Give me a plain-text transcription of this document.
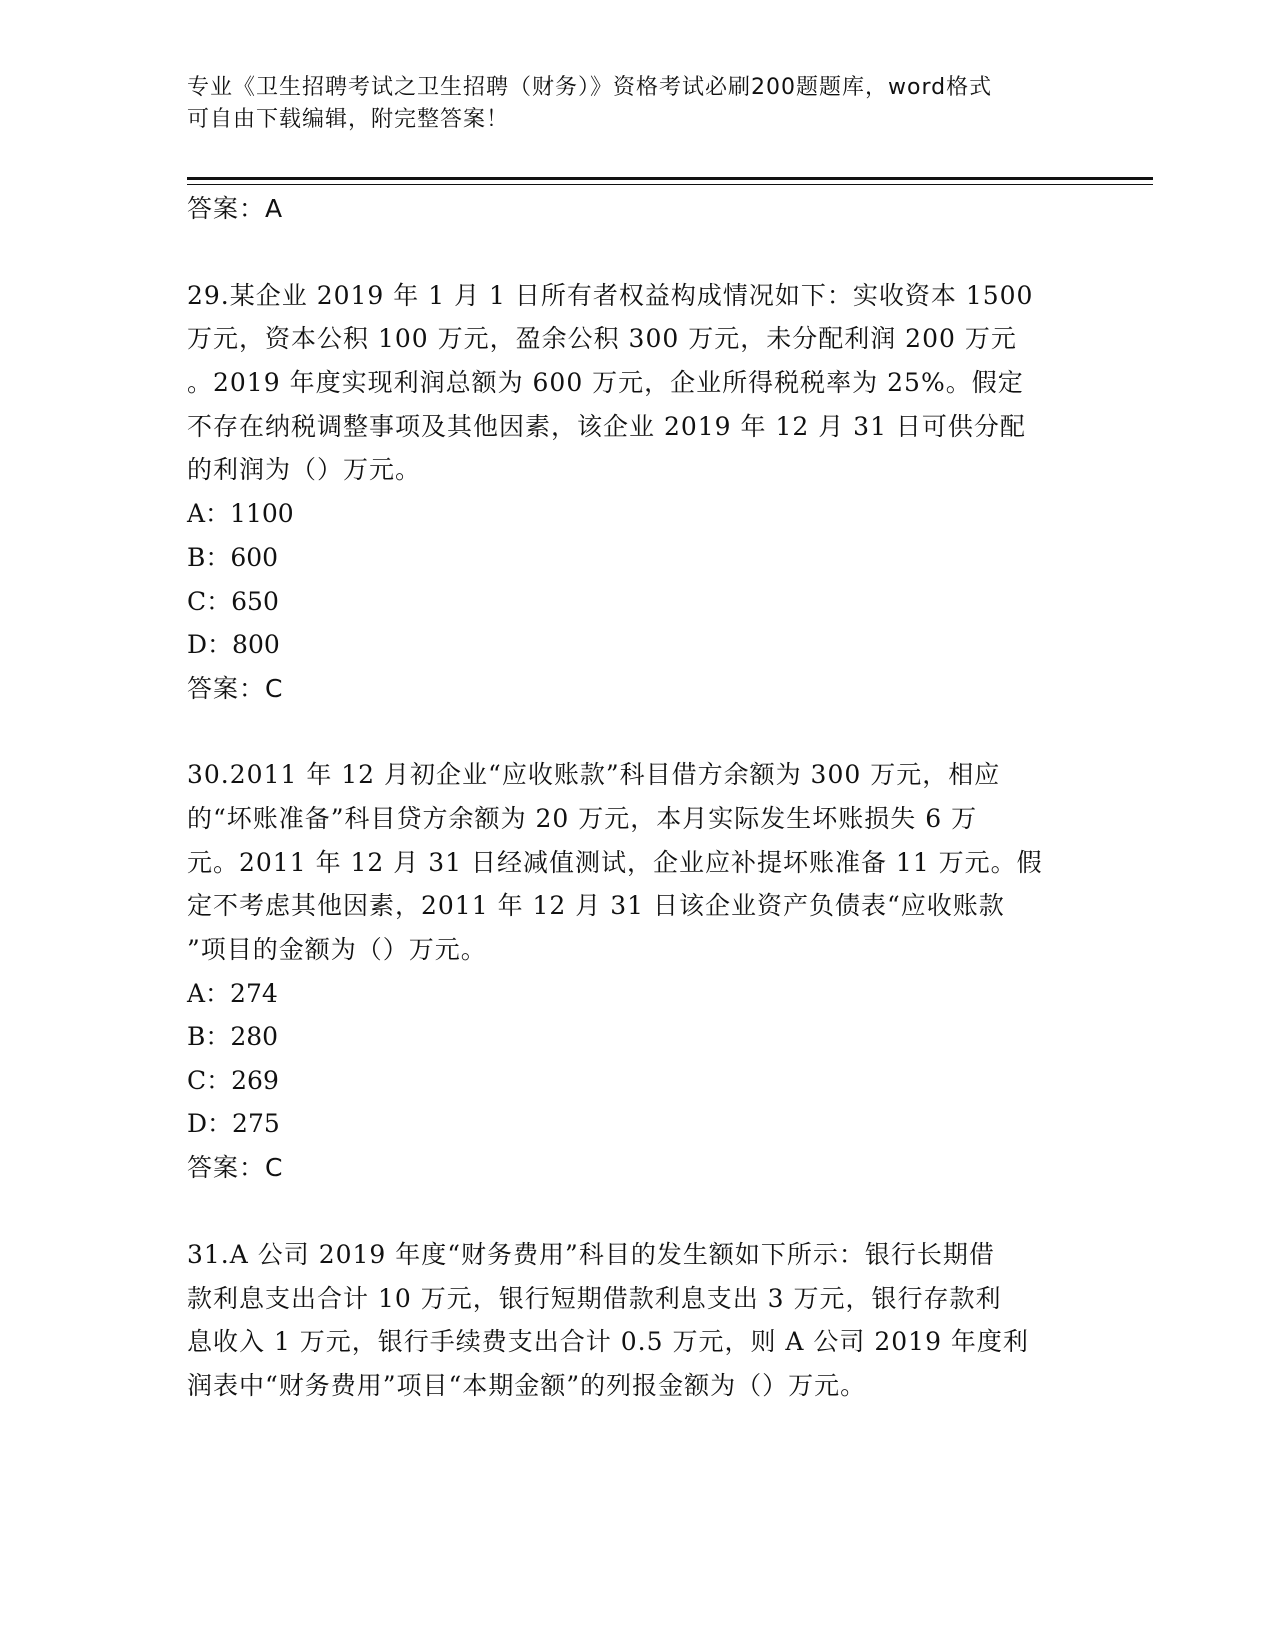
专业《卫生招聘考试之卫生招聘（财务）》资格考试必刷200题题库，word格式
可自由下载编辑，附完整答案！
答案：A
29.某企业 2019 年 1 月 1 日所有者权益构成情况如下：实收资本 1500
万元，资本公积 100 万元，盈余公积 300 万元，未分配利润 200 万元
。2019 年度实现利润总额为 600 万元，企业所得税税率为 25%。假定
不存在纳税调整事项及其他因素，该企业 2019 年 12 月 31 日可供分配
的利润为（）万元。
A：1100
B：600
C：650
D：800
答案：C
30.2011 年 12 月初企业“应收账款”科目借方余额为 300 万元，相应
的“坏账准备”科目贷方余额为 20 万元，本月实际发生坏账损失 6 万
元。2011 年 12 月 31 日经减值测试，企业应补提坏账准备 11 万元。假
定不考虑其他因素，2011 年 12 月 31 日该企业资产负债表“应收账款
”项目的金额为（）万元。
A：274
B：280
C：269
D：275
答案：C
31.A 公司 2019 年度“财务费用”科目的发生额如下所示：银行长期借
款利息支出合计 10 万元，银行短期借款利息支出 3 万元，银行存款利
息收入 1 万元，银行手续费支出合计 0.5 万元，则 A 公司 2019 年度利
润表中“财务费用”项目“本期金额”的列报金额为（）万元。
